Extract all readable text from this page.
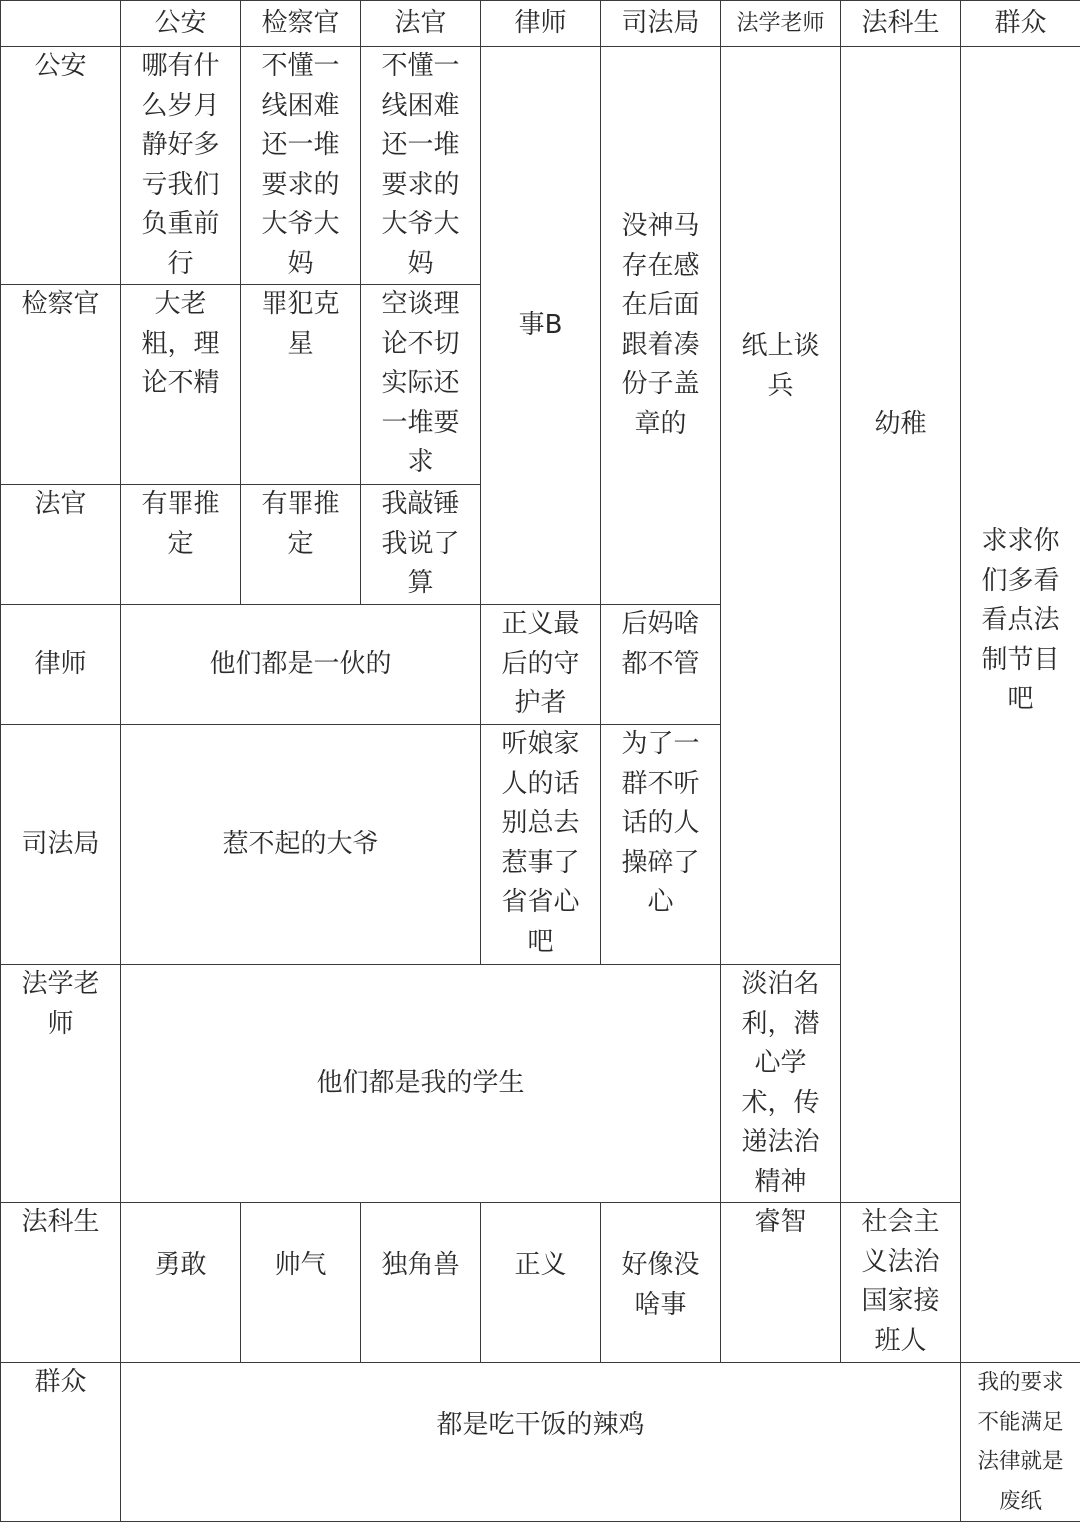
	公安	检察官	法官	律师	司法局	法学老师	法科生	群众
公安	哪有什么岁月静好多亏我们负重前行	不懂一线困难还一堆要求的大爷大妈	不懂一线困难还一堆要求的大爷大妈	事B	没神马存在感在后面跟着凑份子盖章的	纸上谈兵	幼稚	求求你们多看看点法制节目吧
检察官	大老粗，理论不精	罪犯克星	空谈理论不切实际还一堆要求					
法官	有罪推定	有罪推定	我敲锤我说了算					
律师	他们都是一伙的			正义最后的守护者	后妈啥都不管			
司法局	惹不起的大爷			听娘家人的话别总去惹事了省省心吧	为了一群不听话的人操碎了心			
法学老师	他们都是我的学生					淡泊名利，潜心学术，传递法治精神		
法科生	勇敢	帅气	独角兽	正义	好像没啥事	睿智	社会主义法治国家接班人	
群众	都是吃干饭的辣鸡							我的要求不能满足法律就是废纸
